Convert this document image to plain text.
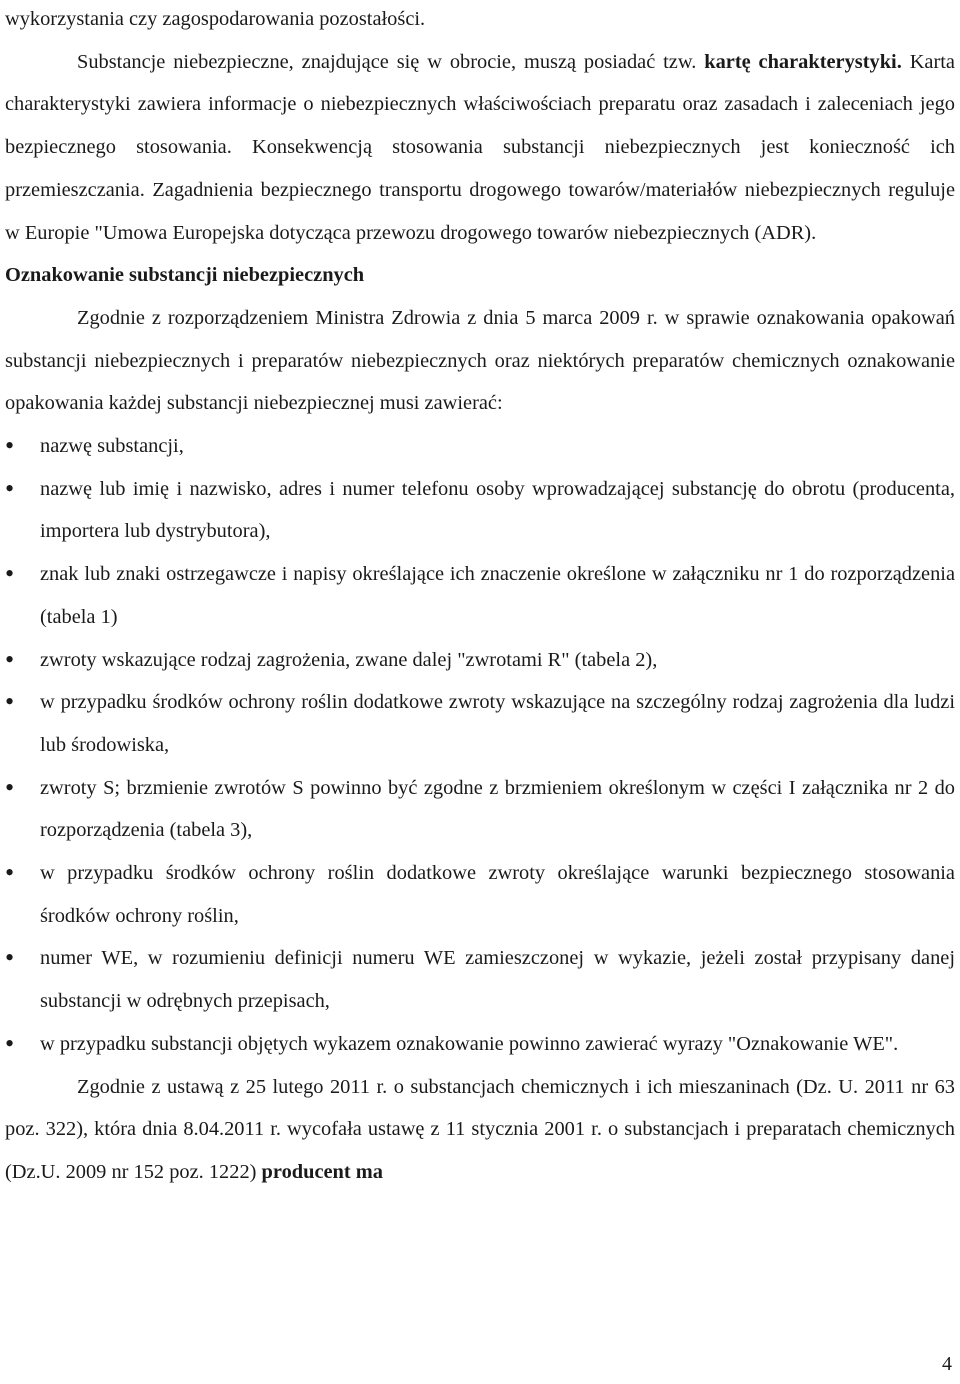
wykorzystania czy zagospodarowania pozostałości.

Substancje niebezpieczne, znajdujące się w obrocie, muszą posiadać tzw. kartę charakterystyki. Karta charakterystyki zawiera informacje o niebezpiecznych właściwościach preparatu oraz zasadach i zaleceniach jego bezpiecznego stosowania. Konsekwencją stosowania substancji niebezpiecznych jest konieczność ich przemieszczania. Zagadnienia bezpiecznego transportu drogowego towarów/materiałów niebezpiecznych reguluje w Europie "Umowa Europejska dotycząca przewozu drogowego towarów niebezpiecznych (ADR).

Oznakowanie substancji niebezpiecznych

Zgodnie z rozporządzeniem Ministra Zdrowia z dnia 5 marca 2009 r. w sprawie oznakowania opakowań substancji niebezpiecznych i preparatów niebezpiecznych oraz niektórych preparatów chemicznych oznakowanie opakowania każdej substancji niebezpiecznej musi zawierać:

• nazwę substancji,
• nazwę lub imię i nazwisko, adres i numer telefonu osoby wprowadzającej substancję do obrotu (producenta, importera lub dystrybutora),
• znak lub znaki ostrzegawcze i napisy określające ich znaczenie określone w załączniku nr 1 do rozporządzenia (tabela 1)
• zwroty wskazujące rodzaj zagrożenia, zwane dalej "zwrotami R" (tabela 2),
• w przypadku środków ochrony roślin dodatkowe zwroty wskazujące na szczególny rodzaj zagrożenia dla ludzi lub środowiska,
• zwroty S; brzmienie zwrotów S powinno być zgodne z brzmieniem określonym w części I załącznika nr 2 do rozporządzenia (tabela 3),
• w przypadku środków ochrony roślin dodatkowe zwroty określające warunki bezpiecznego stosowania środków ochrony roślin,
• numer WE, w rozumieniu definicji numeru WE zamieszczonej w wykazie, jeżeli został przypisany danej substancji w odrębnych przepisach,
• w przypadku substancji objętych wykazem oznakowanie powinno zawierać wyrazy "Oznakowanie WE".

Zgodnie z ustawą z 25 lutego 2011 r. o substancjach chemicznych i ich mieszaninach (Dz. U. 2011 nr 63 poz. 322), która dnia 8.04.2011 r. wycofała ustawę z 11 stycznia 2001 r. o substancjach i preparatach chemicznych (Dz.U. 2009 nr 152 poz. 1222) producent ma

4
